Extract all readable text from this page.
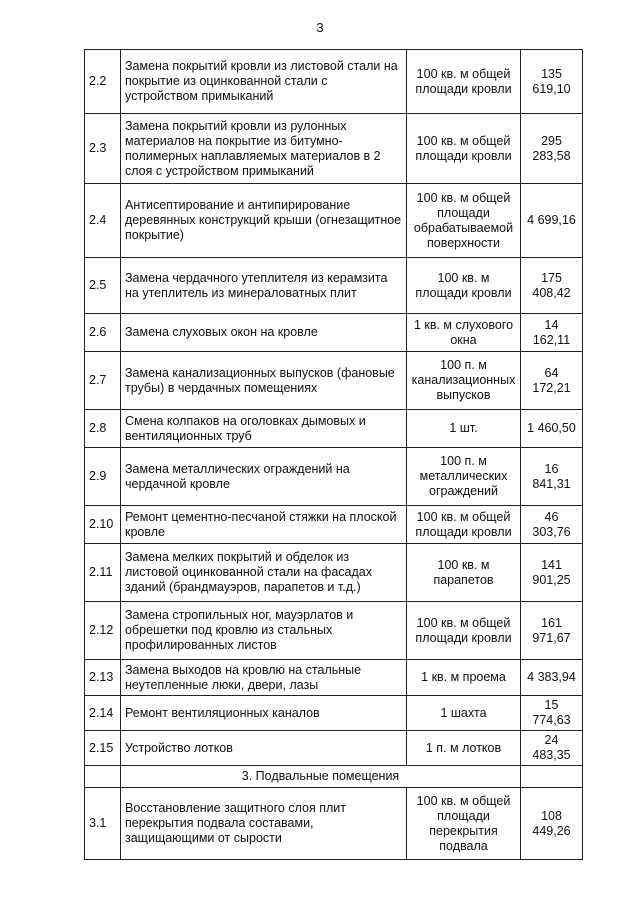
3
2.2	Замена покрытий кровли из листовой стали на покрытие из оцинкованной стали с устройством примыканий	100 кв. м общей площади кровли	135 619,10
2.3	Замена покрытий кровли из рулонных материалов на покрытие из битумно-полимерных наплавляемых материалов в 2 слоя с устройством примыканий	100 кв. м общей площади кровли	295 283,58
2.4	Антисептирование и антипирирование деревянных конструкций крыши (огнезащитное покрытие)	100 кв. м общей площади обрабатываемой поверхности	4 699,16
2.5	Замена чердачного утеплителя из керамзита на утеплитель из минераловатных плит	100 кв. м площади кровли	175 408,42
2.6	Замена слуховых окон на кровле	1 кв. м слухового окна	14 162,11
2.7	Замена канализационных выпусков (фановые трубы) в чердачных помещениях	100 п. м канализационных выпусков	64 172,21
2.8	Смена колпаков на оголовках дымовых и вентиляционных труб	1 шт.	1 460,50
2.9	Замена металлических ограждений на чердачной кровле	100 п. м металлических ограждений	16 841,31
2.10	Ремонт цементно-песчаной стяжки на плоской кровле	100 кв. м общей площади кровли	46 303,76
2.11	Замена мелких покрытий и обделок из листовой оцинкованной стали на фасадах зданий (брандмауэров, парапетов и т.д.)	100 кв. м парапетов	141 901,25
2.12	Замена стропильных ног, мауэрлатов и обрешетки под кровлю из стальных профилированных листов	100 кв. м общей площади кровли	161 971,67
2.13	Замена выходов на кровлю на стальные неутепленные люки, двери, лазы	1 кв. м проема	4 383,94
2.14	Ремонт вентиляционных каналов	1 шахта	15 774,63
2.15	Устройство лотков	1 п. м лотков	24 483,35
	3. Подвальные помещения		
3.1	Восстановление защитного слоя плит перекрытия подвала составами, защищающими от сырости	100 кв. м общей площади перекрытия подвала	108 449,26
